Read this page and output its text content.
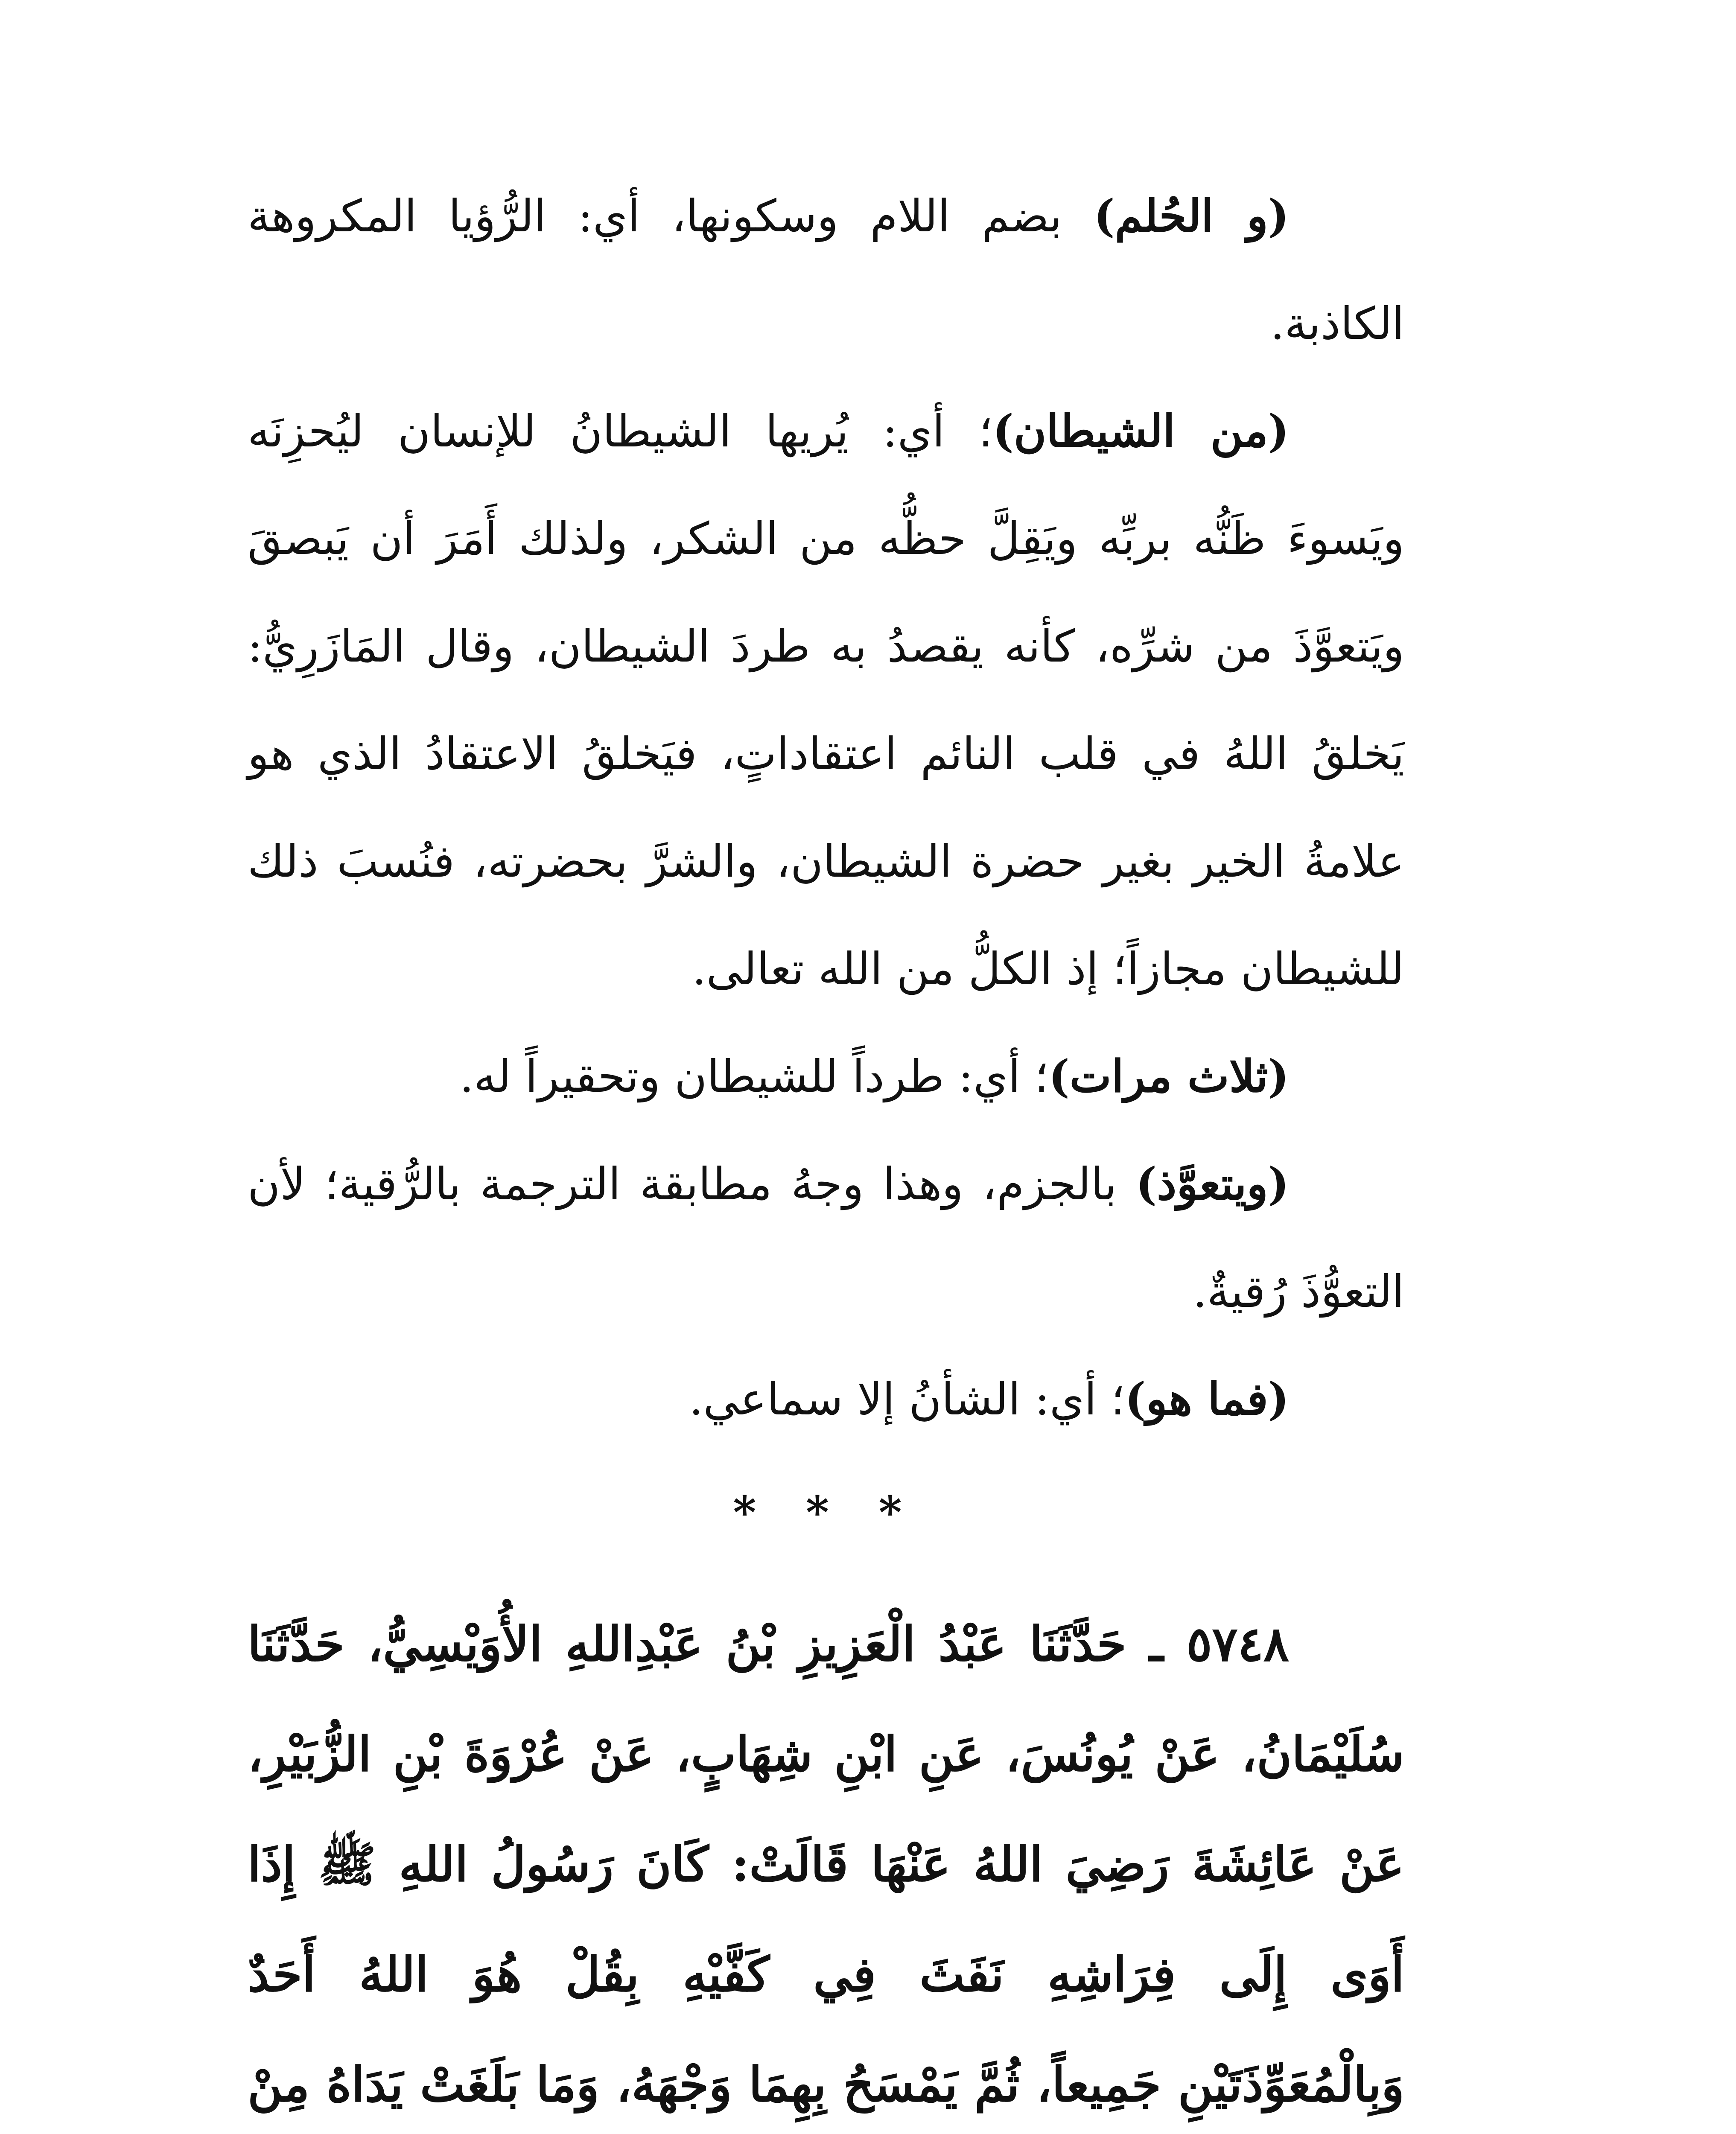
(و الحُلم) بضم اللام وسكونها، أي: الرُّؤيا المكروهة الكاذبة.

(من الشيطان)؛ أي: يُريها الشيطانُ للإنسان ليُحزِنَه ويَسوءَ ظَنُّه بربِّه ويَقِلَّ حظُّه من الشكر، ولذلك أَمَرَ أن يَبصقَ ويَتعوَّذَ من شرِّه، كأنه يقصدُ به طردَ الشيطان، وقال المَازَرِيُّ: يَخلقُ اللهُ في قلب النائم اعتقاداتٍ، فيَخلقُ الاعتقادُ الذي هو علامةُ الخير بغير حضرة الشيطان، والشرَّ بحضرته، فنُسبَ ذلك للشيطان مجازاً؛ إذ الكلُّ من الله تعالى.

(ثلاث مرات)؛ أي: طرداً للشيطان وتحقيراً له.

(ويتعوَّذ) بالجزم، وهذا وجهُ مطابقة الترجمة بالرُّقية؛ لأن التعوُّذَ رُقيةٌ.

(فما هو)؛ أي: الشأنُ إلا سماعي.

* * *

٥٧٤٨ ـ حَدَّثَنَا عَبْدُ الْعَزِيزِ بْنُ عَبْدِاللهِ الأُوَيْسِيُّ، حَدَّثَنَا سُلَيْمَانُ، عَنْ يُونُسَ، عَنِ ابْنِ شِهَابٍ، عَنْ عُرْوَةَ بْنِ الزُّبَيْرِ، عَنْ عَائِشَةَ رَضِيَ اللهُ عَنْهَا قَالَتْ: كَانَ رَسُولُ اللهِ ﷺ إِذَا أَوَى إِلَى فِرَاشِهِ نَفَثَ فِي كَفَّيْهِ بِقُلْ هُوَ اللهُ أَحَدٌ وَبِالْمُعَوِّذَتَيْنِ جَمِيعاً، ثُمَّ يَمْسَحُ بِهِمَا وَجْهَهُ، وَمَا بَلَغَتْ يَدَاهُ مِنْ
